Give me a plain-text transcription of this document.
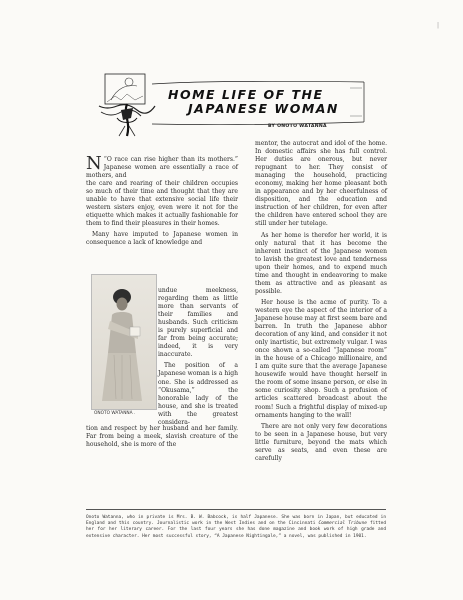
|
HOME LIFE OF THE
JAPANESE WOMAN
BY ONOTO WATANNA

“
N O race can rise higher than its mothers.” Japanese women are essentially a race of mothers, and

the care and rearing of their children occupies so much of their time and thought that they are unable to have that extensive social life their western sisters enjoy, even were it not for the etiquette which makes it actually fashionable for them to find their pleasures in their homes.

Many have imputed to Japanese women in consequence a lack of knowledge and

ONOTO WATANNA .

undue meekness, regarding them as little more than servants of their families and husbands. Such criticism is purely superficial and far from being accurate; indeed, it is very inaccurate.

The position of a Japanese woman is a high one. She is addressed as “Okusama,” the honorable lady of the house, and she is treated with the greatest considera-

tion and respect by her husband and her family. Far from being a meek, slavish creature of the household, she is more of the

mentor, the autocrat and idol of the home. In domestic affairs she has full control. Her duties are onerous, but never repugnant to her. They consist of managing the household, practicing economy, making her home pleasant both in appearance and by her cheerfulness of disposition, and the education and instruction of her children, for even after the children have entered school they are still under her tutelage.

As her home is therefor her world, it is only natural that it has become the inherent instinct of the Japanese women to lavish the greatest love and tenderness upon their homes, and to expend much time and thought in endeavoring to make them as attractive and as pleasant as possible.

Her house is the acme of purity. To a western eye the aspect of the interior of a Japanese house may at first seem bare and barren. In truth the Japanese abhor decoration of any kind, and consider it not only inartistic, but extremely vulgar. I was once shown a so-called “Japanese room” in the house of a Chicago millionaire, and I am quite sure that the average Japanese housewife would have thought herself in the room of some insane person, or else in some curiosity shop. Such a profusion of articles scattered broadcast about the room! Such a frightful display of mixed-up ornaments hanging to the wall!

There are not only very few decorations to be seen in a Japanese house, but very little furniture, beyond the mats which serve as seats, and even these are carefully

Onoto Watanna, who in private is Mrs. B. W. Babcock, is half Japanese. She was born in Japan, but educated in England and this country. Journalistic work in the West Indies and on the Cincinnati Commercial Tribune fitted her for her literary career. For the last four years she has done magazine and book work of high grade and extensive character. Her most successful story, “A Japanese Nightingale,” a novel, was published in 1901.
